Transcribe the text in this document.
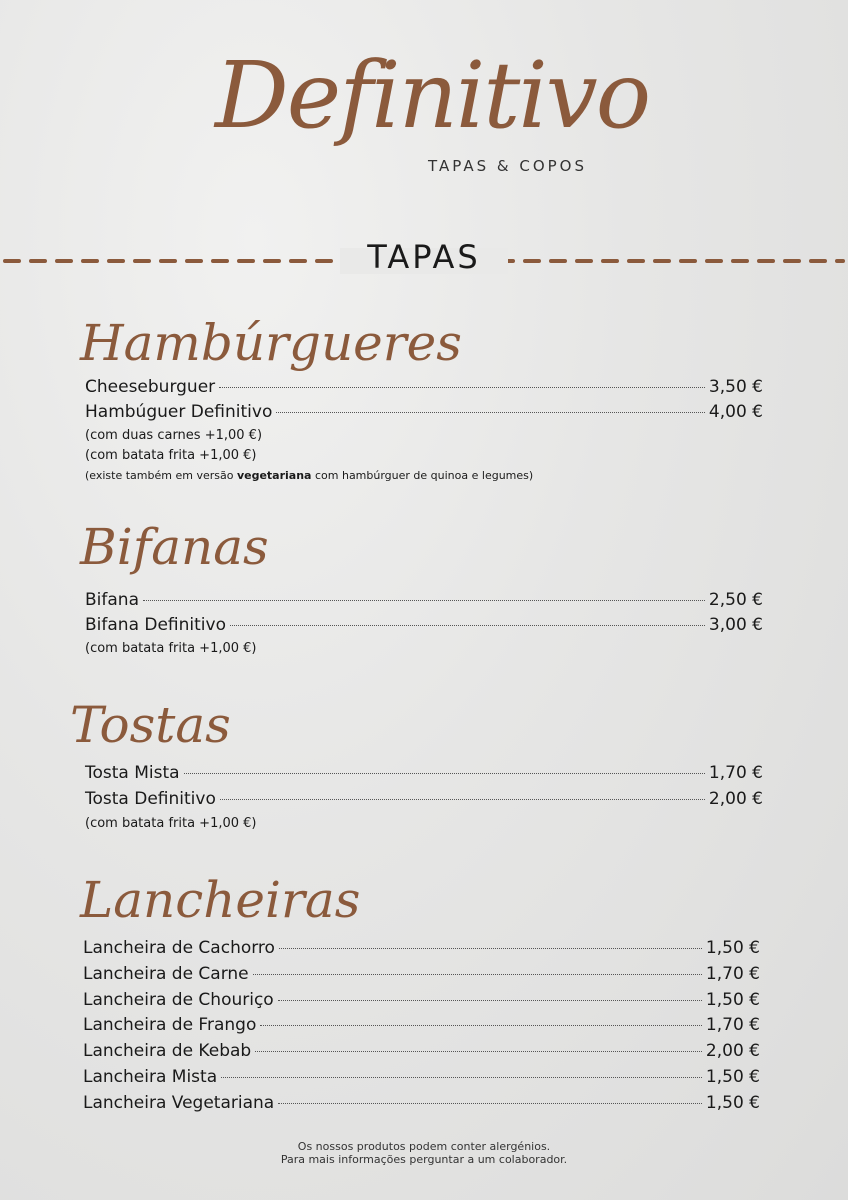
Definitivo
TAPAS & COPOS
TAPAS
Hambúrgueres
Cheeseburguer	3,50 €
Hambúguer Definitivo	4,00 €
(com duas carnes +1,00 €)
(com batata frita +1,00 €)
(existe também em versão vegetariana com hambúrguer de quinoa e legumes)
Bifanas
Bifana	2,50 €
Bifana Definitivo	3,00 €
(com batata frita +1,00 €)
Tostas
Tosta Mista	1,70 €
Tosta Definitivo	2,00 €
(com batata frita +1,00 €)
Lancheiras
Lancheira de Cachorro	1,50 €
Lancheira de Carne	1,70 €
Lancheira de Chouriço	1,50 €
Lancheira de Frango	1,70 €
Lancheira de Kebab	2,00 €
Lancheira Mista	1,50 €
Lancheira Vegetariana	1,50 €
Os nossos produtos podem conter alergénios.
Para mais informações perguntar a um colaborador.
